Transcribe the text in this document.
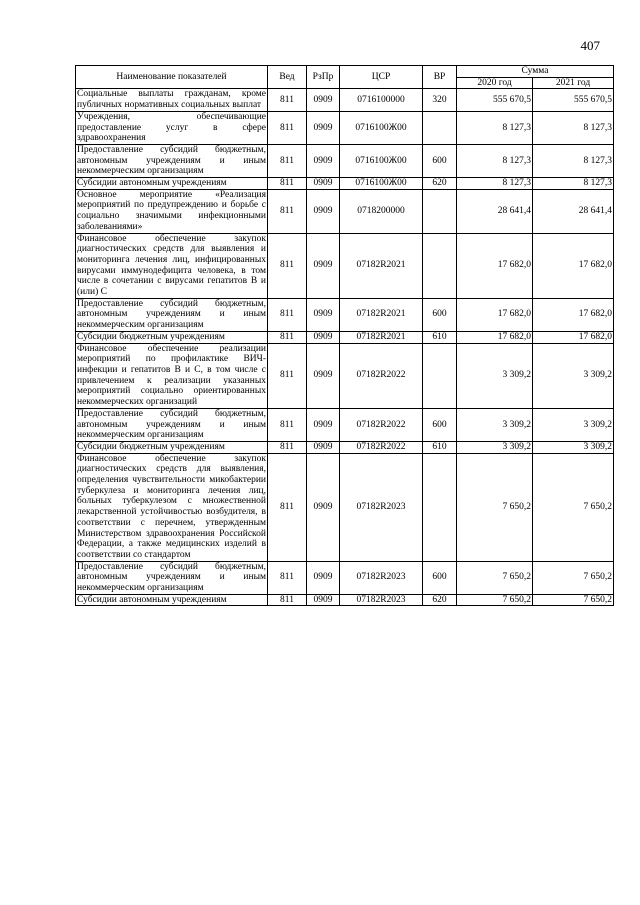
407
Наименование показателей	Вед	РзПр	ЦСР	ВР	Сумма	
					2020 год	2021 год
Социальные выплаты гражданам, кроме публичных нормативных социальных выплат	811	0909	0716100000	320	555 670,5	555 670,5
Учреждения, обеспечивающие предоставление услуг в сфере здравоохранения	811	0909	0716100Ж00		8 127,3	8 127,3
Предоставление субсидий бюджетным, автономным учреждениям и иным некоммерческим организациям	811	0909	0716100Ж00	600	8 127,3	8 127,3
Субсидии автономным учреждениям	811	0909	0716100Ж00	620	8 127,3	8 127,3
Основное мероприятие «Реализация мероприятий по предупреждению и борьбе с социально значимыми инфекционными заболеваниями»	811	0909	0718200000		28 641,4	28 641,4
Финансовое обеспечение закупок диагностических средств для выявления и мониторинга лечения лиц, инфицированных вирусами иммунодефицита человека, в том числе в сочетании с вирусами гепатитов В и (или) С	811	0909	07182R2021		17 682,0	17 682,0
Предоставление субсидий бюджетным, автономным учреждениям и иным некоммерческим организациям	811	0909	07182R2021	600	17 682,0	17 682,0
Субсидии бюджетным учреждениям	811	0909	07182R2021	610	17 682,0	17 682,0
Финансовое обеспечение реализации мероприятий по профилактике ВИЧ-инфекции и гепатитов В и С, в том числе с привлечением к реализации указанных мероприятий социально ориентированных некоммерческих организаций	811	0909	07182R2022		3 309,2	3 309,2
Предоставление субсидий бюджетным, автономным учреждениям и иным некоммерческим организациям	811	0909	07182R2022	600	3 309,2	3 309,2
Субсидии бюджетным учреждениям	811	0909	07182R2022	610	3 309,2	3 309,2
Финансовое обеспечение закупок диагностических средств для выявления, определения чувствительности микобактерии туберкулеза и мониторинга лечения лиц, больных туберкулезом с множественной лекарственной устойчивостью возбудителя, в соответствии с перечнем, утвержденным Министерством здравоохранения Российской Федерации, а также медицинских изделий в соответствии со стандартом	811	0909	07182R2023		7 650,2	7 650,2
Предоставление субсидий бюджетным, автономным учреждениям и иным некоммерческим организациям	811	0909	07182R2023	600	7 650,2	7 650,2
Субсидии автономным учреждениям	811	0909	07182R2023	620	7 650,2	7 650,2
